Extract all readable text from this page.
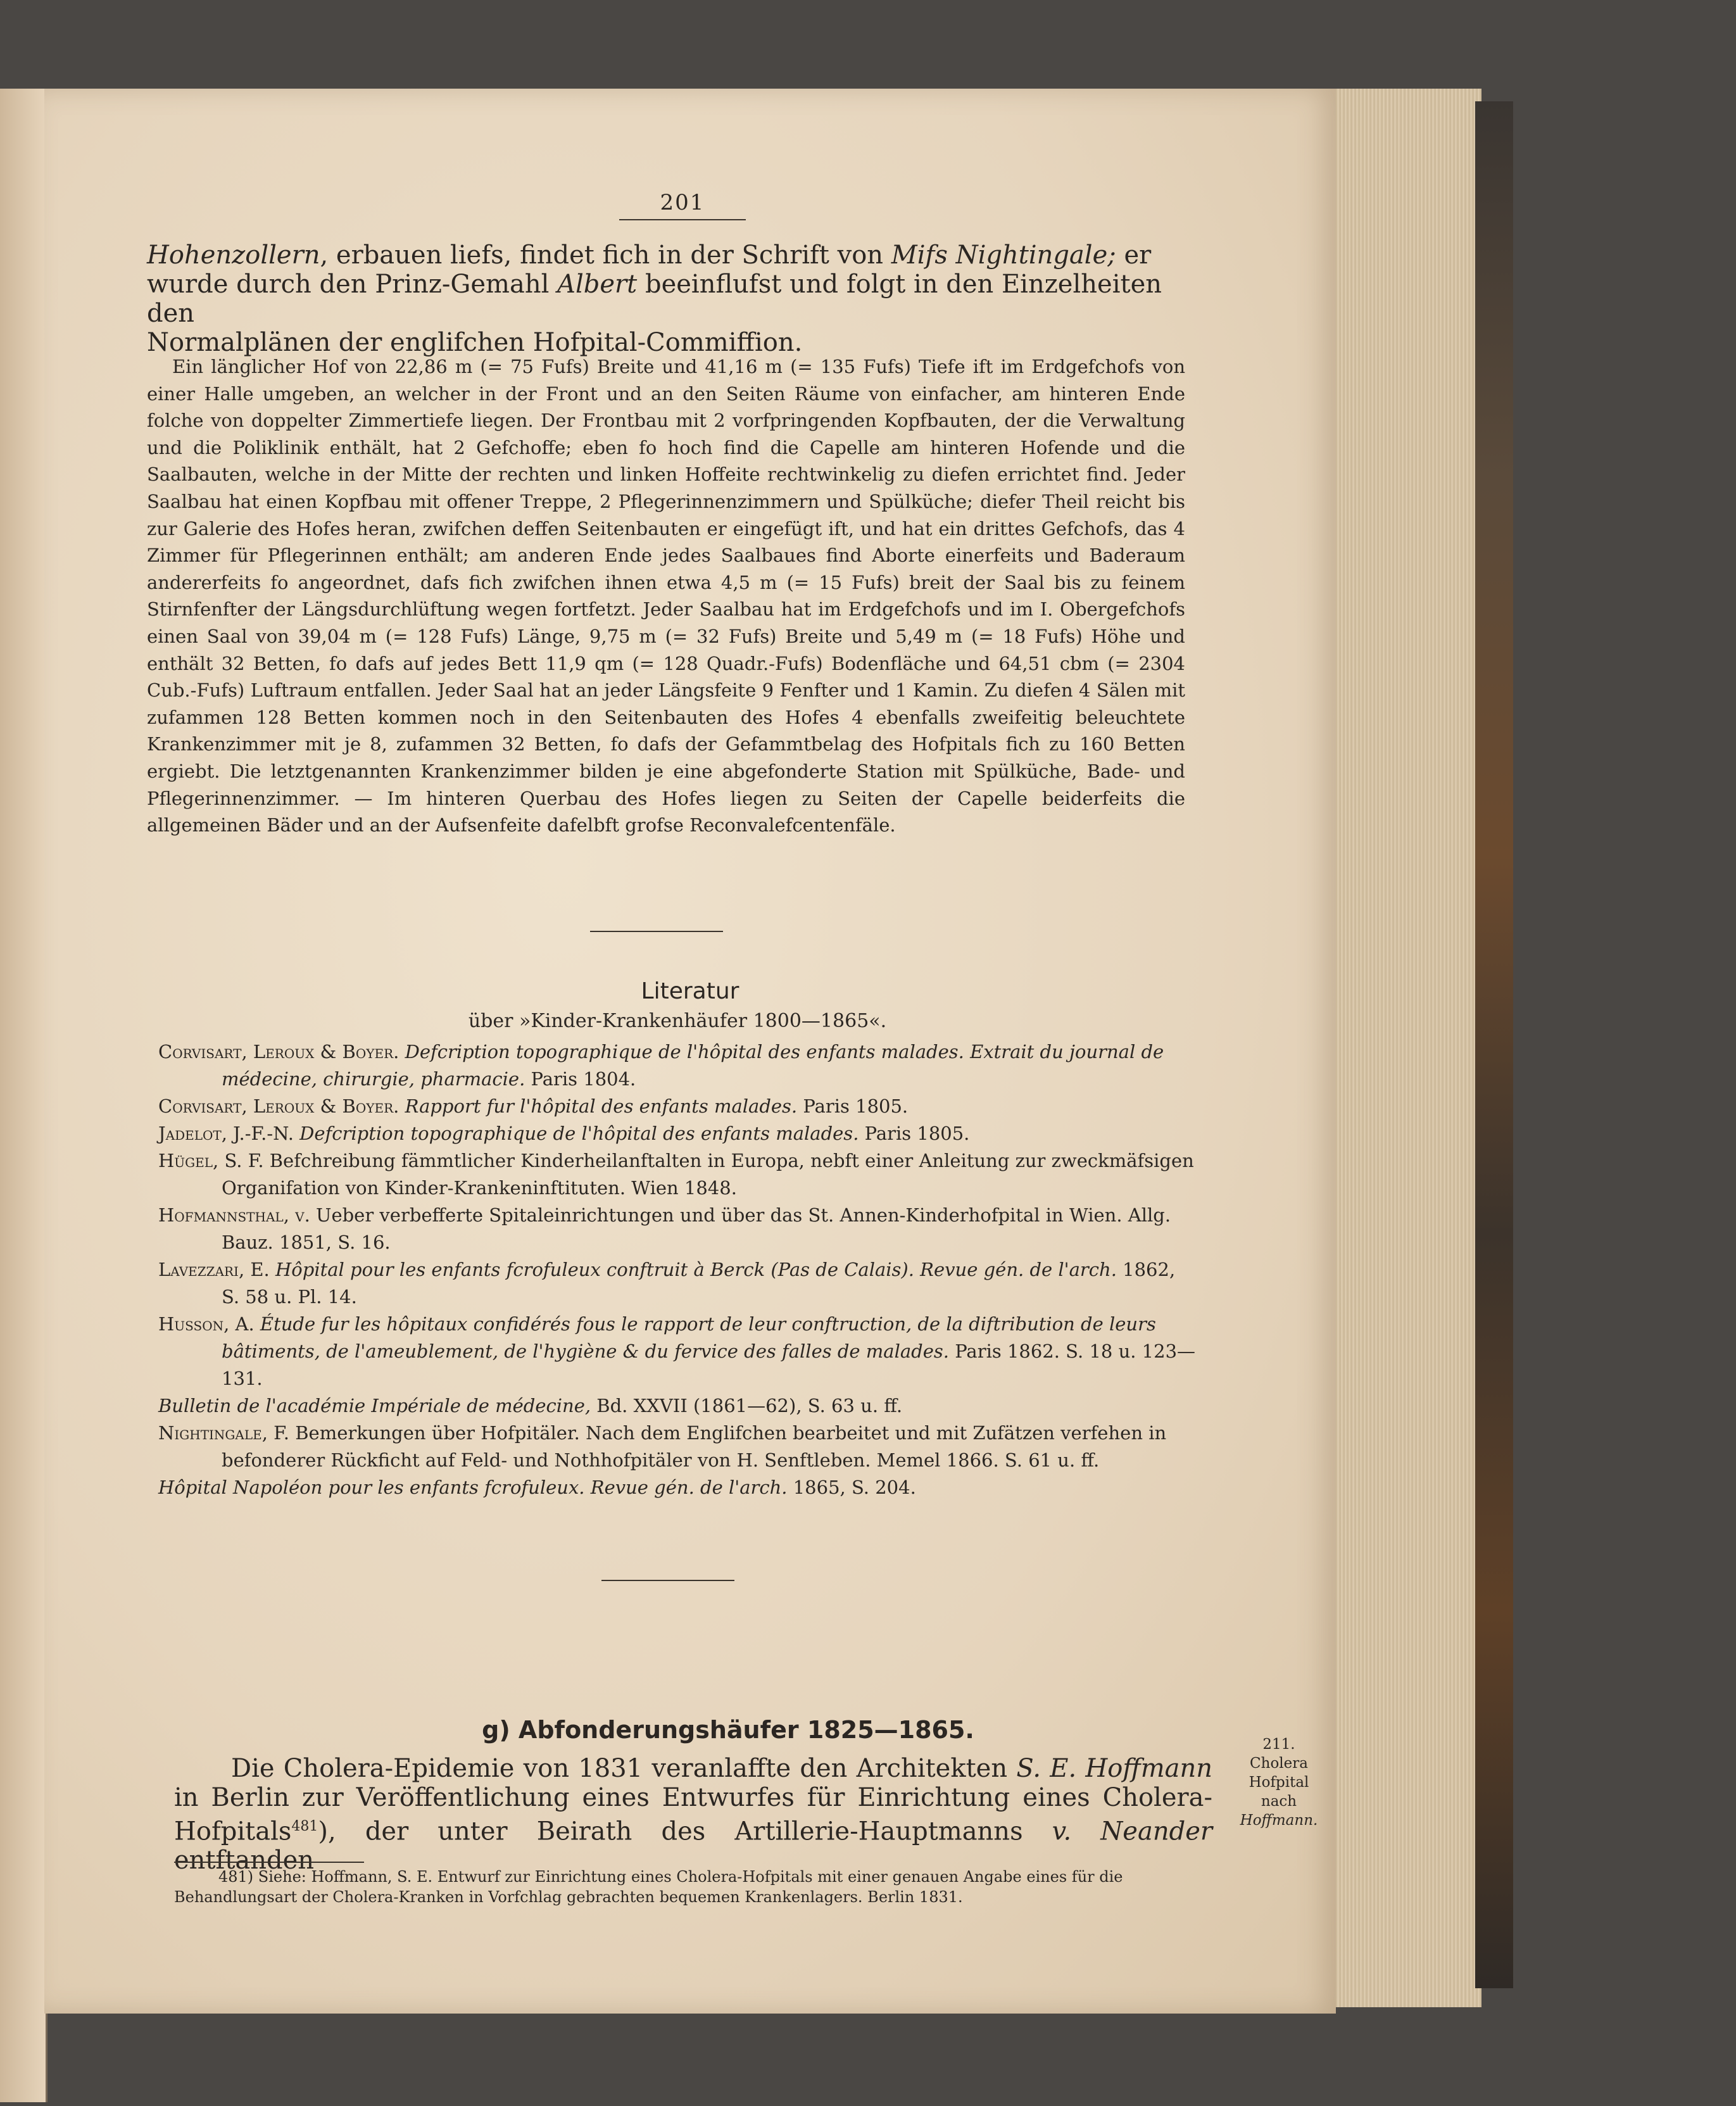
201

Hohenzollern, erbauen liefs, findet fich in der Schrift von Mifs Nightingale; er

wurde durch den Prinz-Gemahl Albert beeinflufst und folgt in den Einzelheiten den

Normalplänen der englifchen Hofpital-Commiffion.

Ein länglicher Hof von 22,86 m (= 75 Fufs) Breite und 41,16 m (= 135 Fufs) Tiefe ift im Erdgefchofs von einer Halle umgeben, an welcher in der Front und an den Seiten Räume von einfacher, am hinteren Ende folche von doppelter Zimmertiefe liegen. Der Frontbau mit 2 vorfpringenden Kopfbauten, der die Verwaltung und die Poliklinik enthält, hat 2 Gefchoffe; eben fo hoch find die Capelle am hinteren Hofende und die Saalbauten, welche in der Mitte der rechten und linken Hoffeite rechtwinkelig zu diefen errichtet find. Jeder Saalbau hat einen Kopfbau mit offener Treppe, 2 Pflegerinnenzimmern und Spülküche; diefer Theil reicht bis zur Galerie des Hofes heran, zwifchen deffen Seitenbauten er eingefügt ift, und hat ein drittes Gefchofs, das 4 Zimmer für Pflegerinnen enthält; am anderen Ende jedes Saalbaues find Aborte einerfeits und Baderaum andererfeits fo angeordnet, dafs fich zwifchen ihnen etwa 4,5 m (= 15 Fufs) breit der Saal bis zu feinem Stirnfenfter der Längsdurchlüftung wegen fortfetzt. Jeder Saalbau hat im Erdgefchofs und im I. Obergefchofs einen Saal von 39,04 m (= 128 Fufs) Länge, 9,75 m (= 32 Fufs) Breite und 5,49 m (= 18 Fufs) Höhe und enthält 32 Betten, fo dafs auf jedes Bett 11,9 qm (= 128 Quadr.-Fufs) Bodenfläche und 64,51 cbm (= 2304 Cub.-Fufs) Luftraum entfallen. Jeder Saal hat an jeder Längsfeite 9 Fenfter und 1 Kamin. Zu diefen 4 Sälen mit zufammen 128 Betten kommen noch in den Seitenbauten des Hofes 4 ebenfalls zweifeitig beleuchtete Krankenzimmer mit je 8, zufammen 32 Betten, fo dafs der Gefammtbelag des Hofpitals fich zu 160 Betten ergiebt. Die letztgenannten Krankenzimmer bilden je eine abgefonderte Station mit Spülküche, Bade- und Pflegerinnenzimmer. — Im hinteren Querbau des Hofes liegen zu Seiten der Capelle beiderfeits die allgemeinen Bäder und an der Aufsenfeite dafelbft grofse Reconvalefcentenfäle.

Literatur
über »Kinder-Krankenhäufer 1800—1865«.

Corvisart, Leroux & Boyer. Defcription topographique de l'hôpital des enfants malades. Extrait du journal de médecine, chirurgie, pharmacie. Paris 1804.

Corvisart, Leroux & Boyer. Rapport fur l'hôpital des enfants malades. Paris 1805.

Jadelot, J.-F.-N. Defcription topographique de l'hôpital des enfants malades. Paris 1805.

Hügel, S. F. Befchreibung fämmtlicher Kinderheilanftalten in Europa, nebft einer Anleitung zur zweckmäfsigen Organifation von Kinder-Krankeninftituten. Wien 1848.

Hofmannsthal, v. Ueber verbefferte Spitaleinrichtungen und über das St. Annen-Kinderhofpital in Wien. Allg. Bauz. 1851, S. 16.

Lavezzari, E. Hôpital pour les enfants fcrofuleux conftruit à Berck (Pas de Calais). Revue gén. de l'arch. 1862, S. 58 u. Pl. 14.

Husson, A. Étude fur les hôpitaux confidérés fous le rapport de leur conftruction, de la diftribution de leurs bâtiments, de l'ameublement, de l'hygiène & du fervice des falles de malades. Paris 1862. S. 18 u. 123—131.

Bulletin de l'académie Impériale de médecine, Bd. XXVII (1861—62), S. 63 u. ff.

Nightingale, F. Bemerkungen über Hofpitäler. Nach dem Englifchen bearbeitet und mit Zufätzen verfehen in befonderer Rückficht auf Feld- und Nothhofpitäler von H. Senftleben. Memel 1866. S. 61 u. ff.

Hôpital Napoléon pour les enfants fcrofuleux. Revue gén. de l'arch. 1865, S. 204.

g) Abfonderungshäufer 1825—1865.

Die Cholera-Epidemie von 1831 veranlaffte den Architekten S. E. Hoffmann in Berlin zur Veröffentlichung eines Entwurfes für Einrichtung eines Cholera-Hofpitals$^{481}$), der unter Beirath des Artillerie-Hauptmanns v. Neander entftanden

211.
Cholera
Hofpital
nach
Hoffmann.

481) Siehe: Hoffmann, S. E. Entwurf zur Einrichtung eines Cholera-Hofpitals mit einer genauen Angabe eines für die Behandlungsart der Cholera-Kranken in Vorfchlag gebrachten bequemen Krankenlagers. Berlin 1831.
